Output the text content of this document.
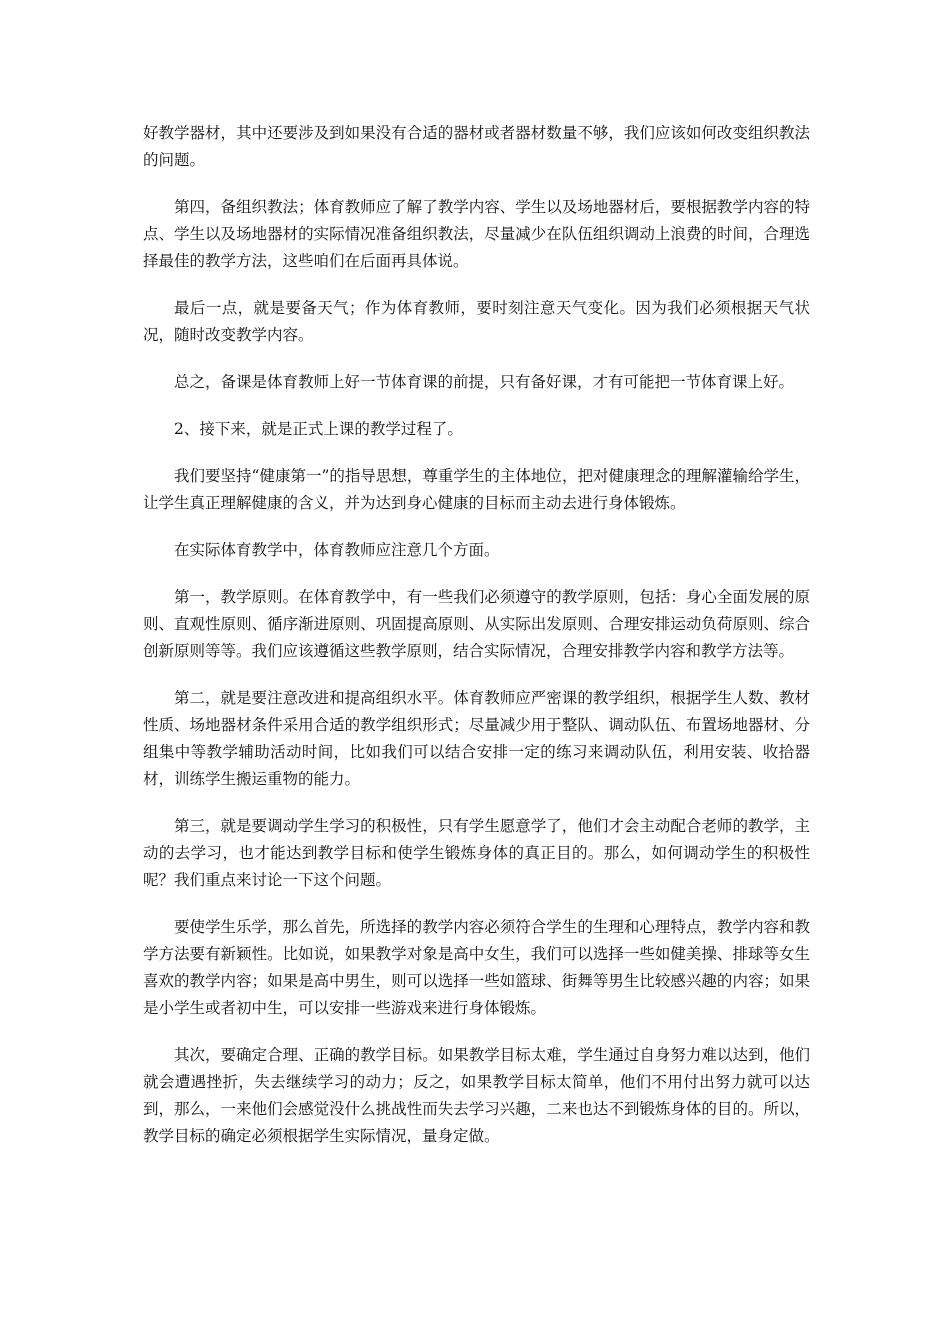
好教学器材，其中还要涉及到如果没有合适的器材或者器材数量不够，我们应该如何改变组织教法的问题。

第四，备组织教法；体育教师应了解了教学内容、学生以及场地器材后，要根据教学内容的特点、学生以及场地器材的实际情况准备组织教法，尽量减少在队伍组织调动上浪费的时间，合理选择最佳的教学方法，这些咱们在后面再具体说。

最后一点，就是要备天气；作为体育教师，要时刻注意天气变化。因为我们必须根据天气状况，随时改变教学内容。

总之，备课是体育教师上好一节体育课的前提，只有备好课，才有可能把一节体育课上好。

2、接下来，就是正式上课的教学过程了。

我们要坚持“健康第一”的指导思想，尊重学生的主体地位，把对健康理念的理解灌输给学生，让学生真正理解健康的含义，并为达到身心健康的目标而主动去进行身体锻炼。

在实际体育教学中，体育教师应注意几个方面。

第一，教学原则。在体育教学中，有一些我们必须遵守的教学原则，包括：身心全面发展的原则、直观性原则、循序渐进原则、巩固提高原则、从实际出发原则、合理安排运动负荷原则、综合创新原则等等。我们应该遵循这些教学原则，结合实际情况，合理安排教学内容和教学方法等。

第二，就是要注意改进和提高组织水平。体育教师应严密课的教学组织，根据学生人数、教材性质、场地器材条件采用合适的教学组织形式；尽量减少用于整队、调动队伍、布置场地器材、分组集中等教学辅助活动时间，比如我们可以结合安排一定的练习来调动队伍，利用安装、收拾器材，训练学生搬运重物的能力。

第三，就是要调动学生学习的积极性，只有学生愿意学了，他们才会主动配合老师的教学，主动的去学习，也才能达到教学目标和使学生锻炼身体的真正目的。那么，如何调动学生的积极性呢？我们重点来讨论一下这个问题。

要使学生乐学，那么首先，所选择的教学内容必须符合学生的生理和心理特点，教学内容和教学方法要有新颖性。比如说，如果教学对象是高中女生，我们可以选择一些如健美操、排球等女生喜欢的教学内容；如果是高中男生，则可以选择一些如篮球、街舞等男生比较感兴趣的内容；如果是小学生或者初中生，可以安排一些游戏来进行身体锻炼。

其次，要确定合理、正确的教学目标。如果教学目标太难，学生通过自身努力难以达到，他们就会遭遇挫折，失去继续学习的动力；反之，如果教学目标太简单，他们不用付出努力就可以达到，那么，一来他们会感觉没什么挑战性而失去学习兴趣，二来也达不到锻炼身体的目的。所以，教学目标的确定必须根据学生实际情况，量身定做。
